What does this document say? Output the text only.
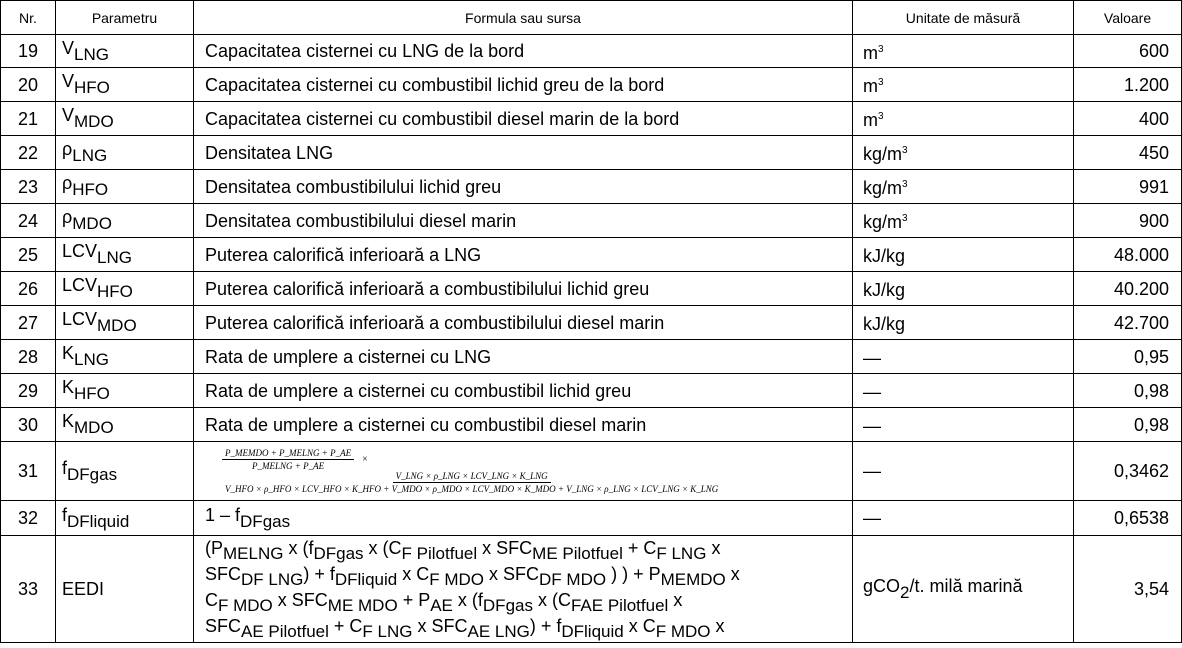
Nr.	Parametru	Formula sau sursa	Unitate de măsură	Valoare
19	VLNG	Capacitatea cisternei cu LNG de la bord	$m^3$	600
20	VHFO	Capacitatea cisternei cu combustibil lichid greu de la bord	$m^3$	1.200
21	VMDO	Capacitatea cisternei cu combustibil diesel marin de la bord	$m^3$	400
22	ρLNG	Densitatea LNG	$kg/m^3$	450
23	ρHFO	Densitatea combustibilului lichid greu	$kg/m^3$	991
24	ρMDO	Densitatea combustibilului diesel marin	$kg/m^3$	900
25	LCVLNG	Puterea calorifică inferioară a LNG	kJ/kg	48.000
26	LCVHFO	Puterea calorifică inferioară a combustibilului lichid greu	kJ/kg	40.200
27	LCVMDO	Puterea calorifică inferioară a combustibilului diesel marin	kJ/kg	42.700
28	KLNG	Rata de umplere a cisternei cu LNG	—	0,95
29	KHFO	Rata de umplere a cisternei cu combustibil lichid greu	—	0,98
30	KMDO	Rata de umplere a cisternei cu combustibil diesel marin	—	0,98
31	fDFgas	$\frac{\text{P\_MEMDO + P\_MELNG + P\_AE}}{\text{P\_MELNG + P\_AE}}$ ×
V_LNG × ρ_LNG × LCV_LNG × K_LNG
V_HFO × ρ_HFO × LCV_HFO × K_HFO + V_MDO × ρ_MDO × LCV_MDO × K_MDO + V_LNG × ρ_LNG × LCV_LNG × K_LNG	—	0,3462
32	fDFliquid	1 – fDFgas	—	0,6538
33	EEDI	(PMELNG x (fDFgas x (CF Pilotfuel x SFCME Pilotfuel + CF LNG x
SFCDF LNG) + fDFliquid x CF MDO x SFCDF MDO ) ) + PMEMDO x
CF MDO x SFCME MDO + PAE x (fDFgas x (CFAE Pilotfuel x
SFCAE Pilotfuel + CF LNG x SFCAE LNG) + fDFliquid x CF MDO x	gCO2/t. milă marină	3,54
